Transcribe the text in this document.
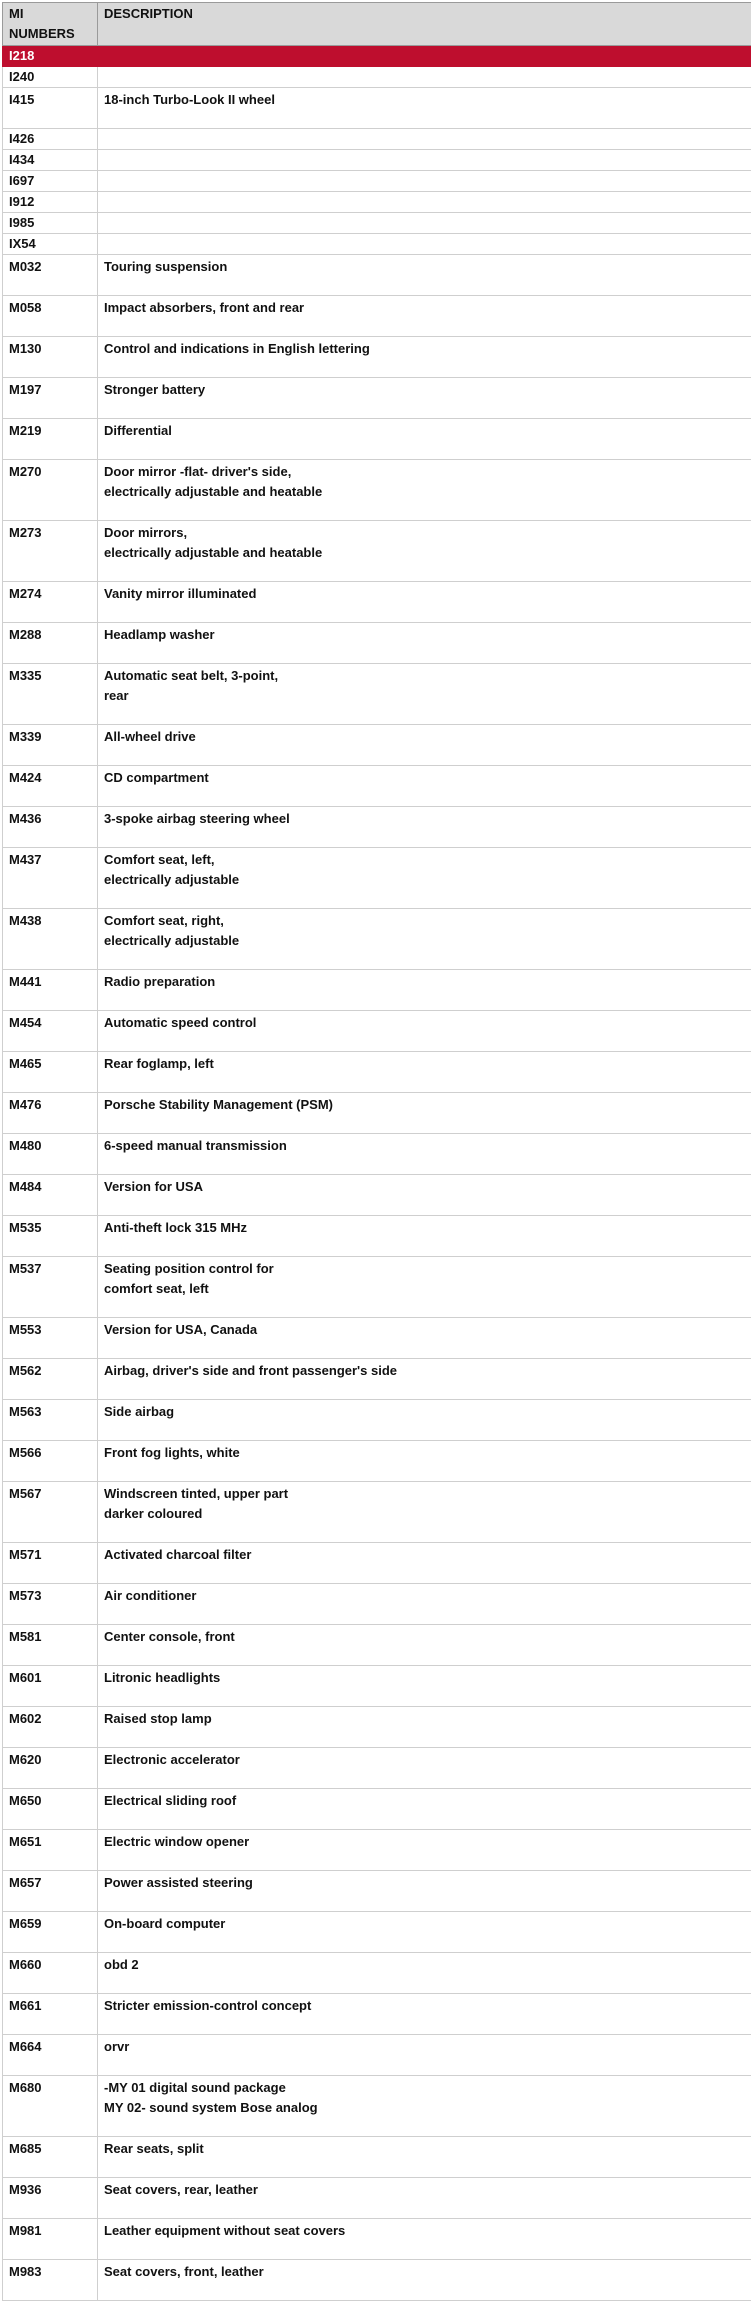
MI NUMBERS	DESCRIPTION
I218	
I240	
I415	18-inch Turbo-Look II wheel
I426	
I434	
I697	
I912	
I985	
IX54	
M032	Touring suspension
M058	Impact absorbers, front and rear
M130	Control and indications in English lettering
M197	Stronger battery
M219	Differential
M270	Door mirror -flat- driver's side,
electrically adjustable and heatable
M273	Door mirrors,
electrically adjustable and heatable
M274	Vanity mirror illuminated
M288	Headlamp washer
M335	Automatic seat belt, 3-point,
rear
M339	All-wheel drive
M424	CD compartment
M436	3-spoke airbag steering wheel
M437	Comfort seat, left,
electrically adjustable
M438	Comfort seat, right,
electrically adjustable
M441	Radio preparation
M454	Automatic speed control
M465	Rear foglamp, left
M476	Porsche Stability Management (PSM)
M480	6-speed manual transmission
M484	Version for USA
M535	Anti-theft lock 315 MHz
M537	Seating position control for
comfort seat, left
M553	Version for USA, Canada
M562	Airbag, driver's side and front passenger's side
M563	Side airbag
M566	Front fog lights, white
M567	Windscreen tinted, upper part
darker coloured
M571	Activated charcoal filter
M573	Air conditioner
M581	Center console, front
M601	Litronic headlights
M602	Raised stop lamp
M620	Electronic accelerator
M650	Electrical sliding roof
M651	Electric window opener
M657	Power assisted steering
M659	On-board computer
M660	obd 2
M661	Stricter emission-control concept
M664	orvr
M680	-MY 01 digital sound package
MY 02- sound system Bose analog
M685	Rear seats, split
M936	Seat covers, rear, leather
M981	Leather equipment without seat covers
M983	Seat covers, front, leather
